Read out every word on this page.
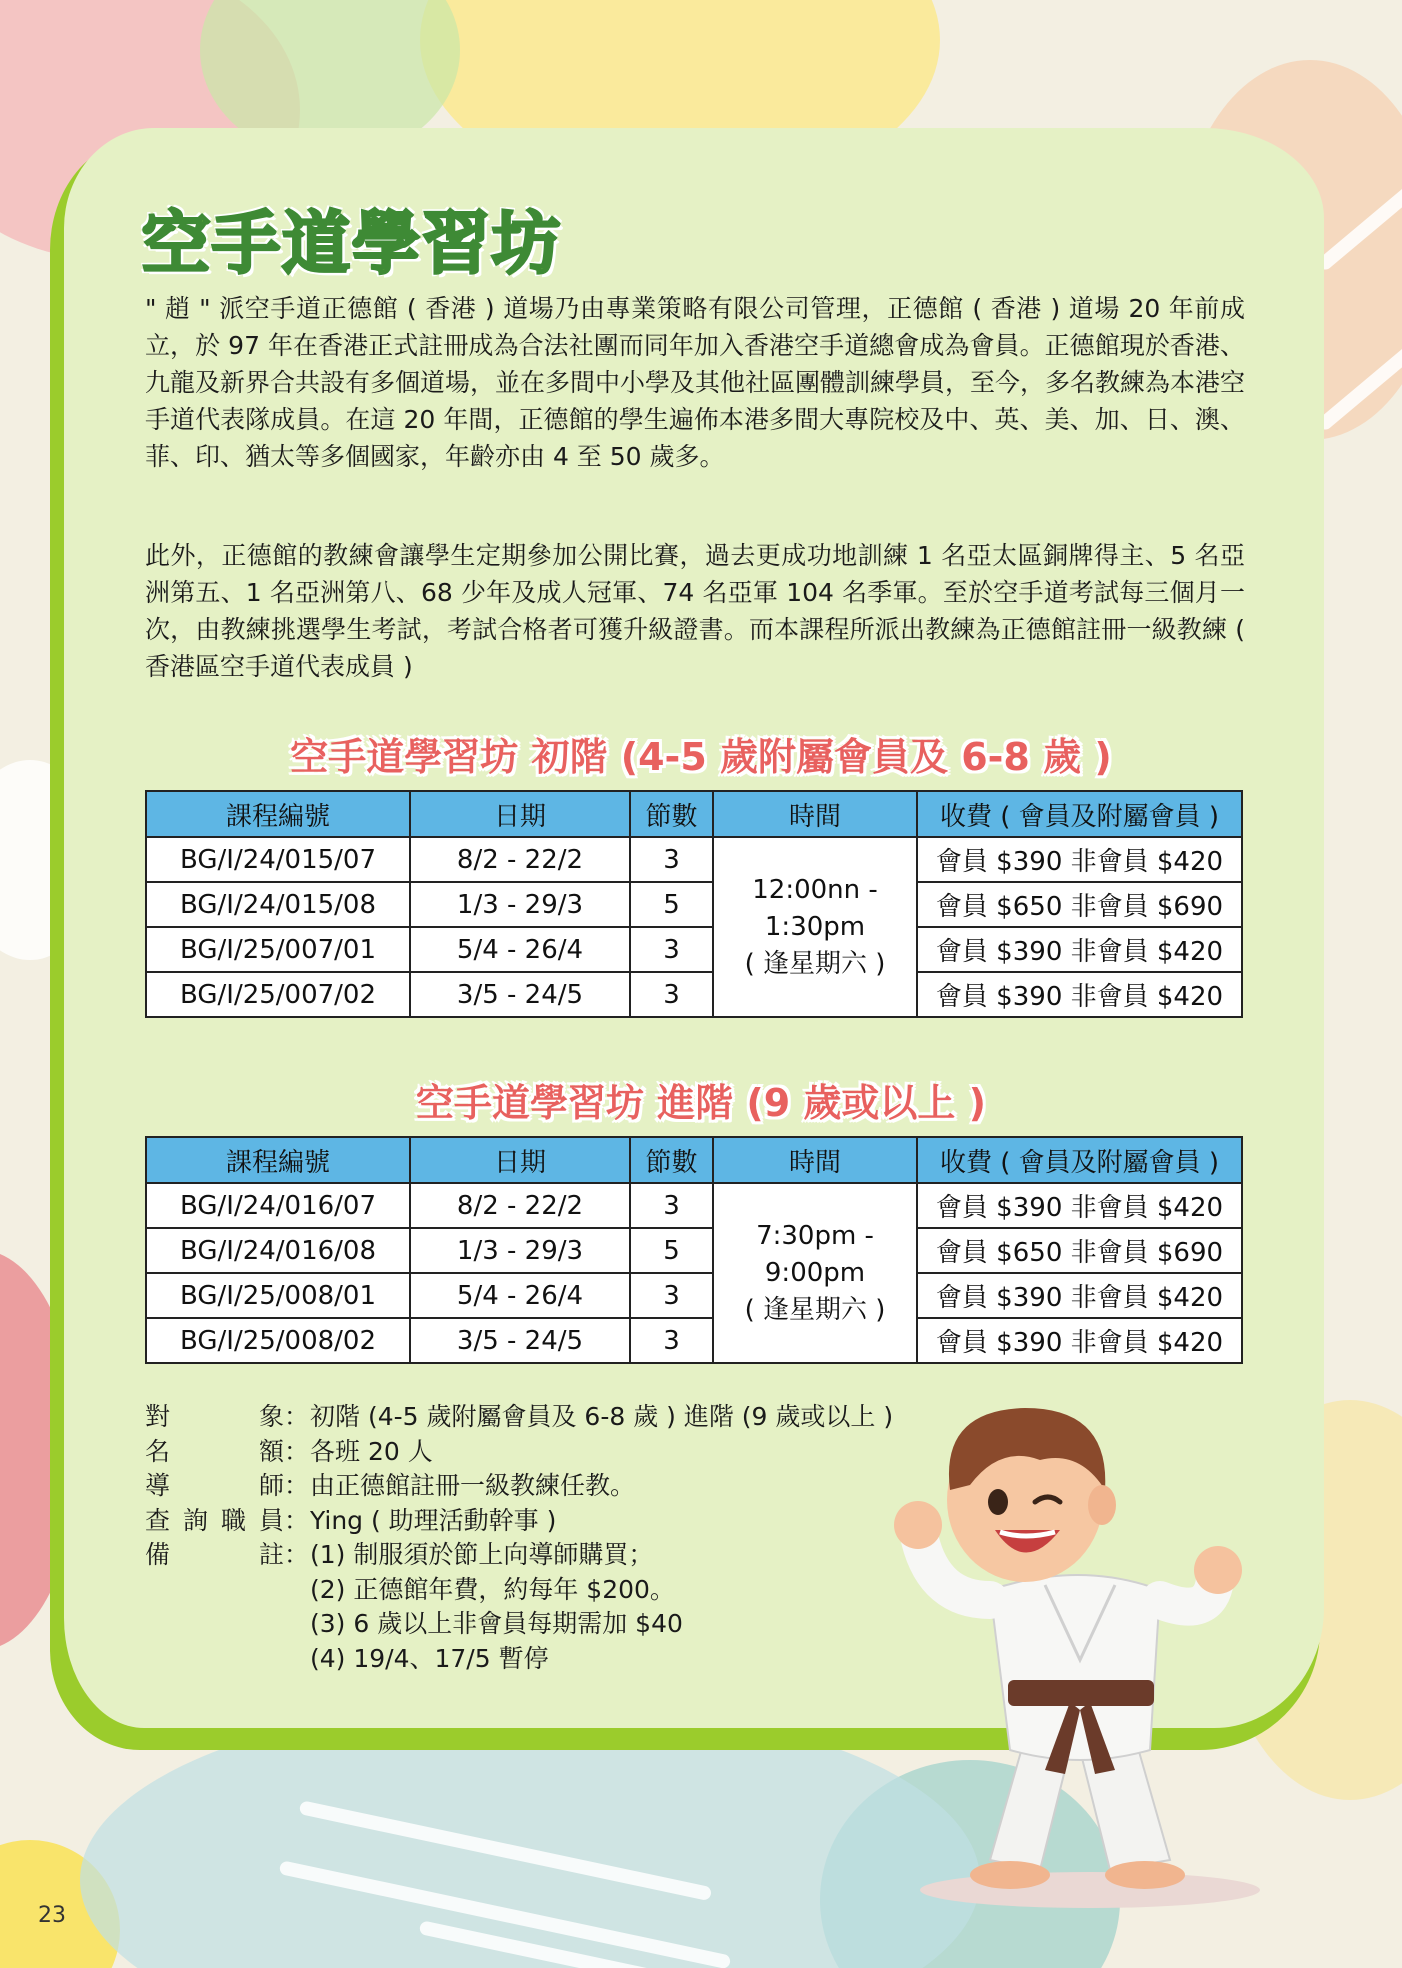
空手道學習坊

" 趙 " 派空手道正德館 ( 香港 ) 道場乃由專業策略有限公司管理，正德館 ( 香港 ) 道場 20 年前成立，於 97 年在香港正式註冊成為合法社團而同年加入香港空手道總會成為會員。正德館現於香港、九龍及新界合共設有多個道場，並在多間中小學及其他社區團體訓練學員，至今，多名教練為本港空手道代表隊成員。在這 20 年間，正德館的學生遍佈本港多間大專院校及中、英、美、加、日、澳、菲、印、猶太等多個國家，年齡亦由 4 至 50 歲多。

此外，正德館的教練會讓學生定期參加公開比賽，過去更成功地訓練 1 名亞太區銅牌得主、5 名亞洲第五、1 名亞洲第八、68 少年及成人冠軍、74 名亞軍 104 名季軍。至於空手道考試每三個月一次，由教練挑選學生考試，考試合格者可獲升級證書。而本課程所派出教練為正德館註冊一級教練 ( 香港區空手道代表成員 )

空手道學習坊 初階 (4-5 歲附屬會員及 6-8 歲 )
課程編號	日期	節數	時間	收費 ( 會員及附屬會員 )
BG/I/24/015/07	8/2 - 22/2	3	12:00nn -
1:30pm
( 逢星期六 )	會員 $390 非會員 $420
BG/I/24/015/08	1/3 - 29/3	5		會員 $650 非會員 $690
BG/I/25/007/01	5/4 - 26/4	3		會員 $390 非會員 $420
BG/I/25/007/02	3/5 - 24/5	3		會員 $390 非會員 $420
空手道學習坊 進階 (9 歲或以上 )
課程編號	日期	節數	時間	收費 ( 會員及附屬會員 )
BG/I/24/016/07	8/2 - 22/2	3	7:30pm -
9:00pm
( 逢星期六 )	會員 $390 非會員 $420
BG/I/24/016/08	1/3 - 29/3	5		會員 $650 非會員 $690
BG/I/25/008/01	5/4 - 26/4	3		會員 $390 非會員 $420
BG/I/25/008/02	3/5 - 24/5	3		會員 $390 非會員 $420
對象 ： 初階 (4-5 歲附屬會員及 6-8 歲 ) 進階 (9 歲或以上 )
名額 ： 各班 20 人
導師 ： 由正德館註冊一級教練任教。
查詢職員 ： Ying ( 助理活動幹事 )
備註 ： (1) 制服須於節上向導師購買；
(2) 正德館年費，約每年 $200。
(3) 6 歲以上非會員每期需加 $40
(4) 19/4、17/5 暫停
23
